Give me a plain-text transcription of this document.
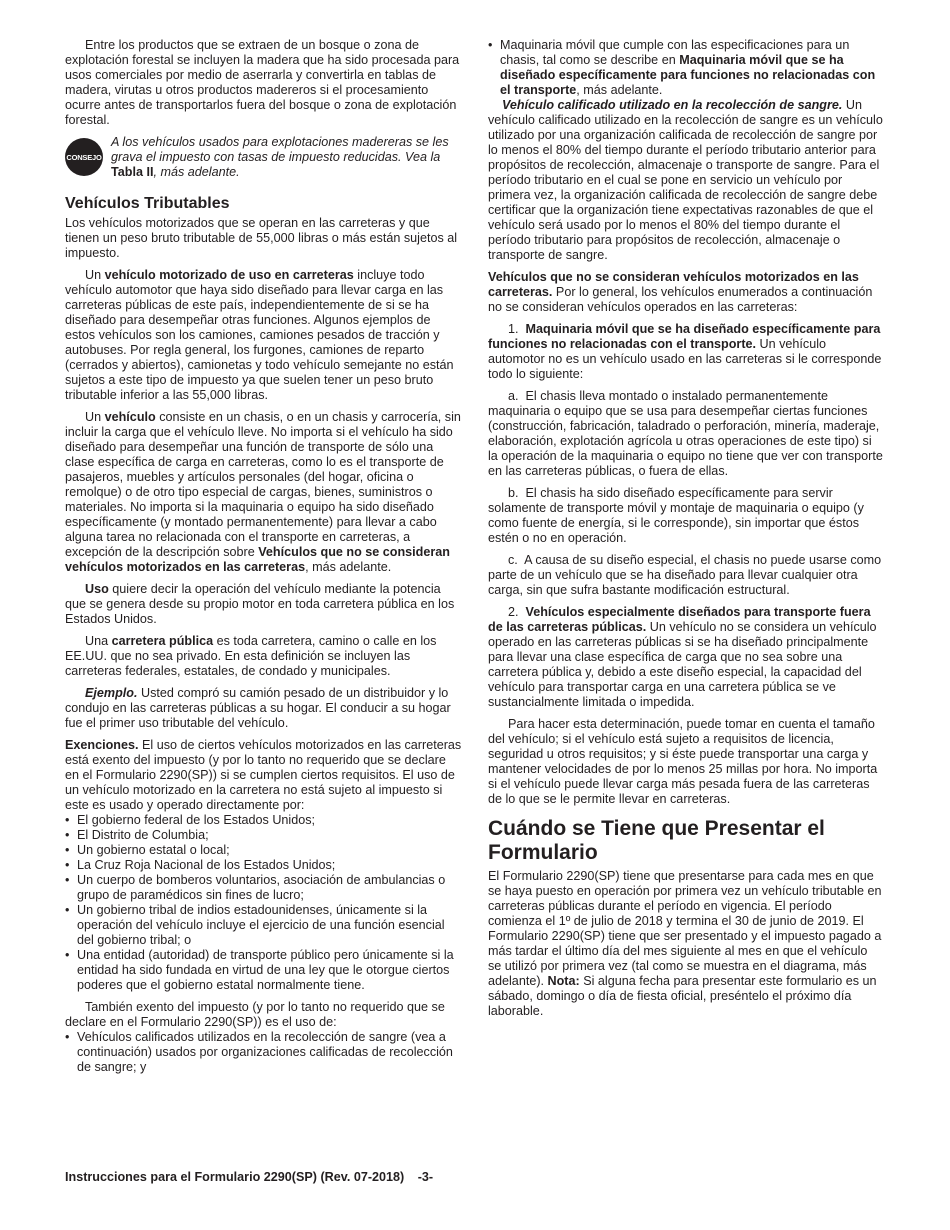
Entre los productos que se extraen de un bosque o zona de explotación forestal se incluyen la madera que ha sido procesada para usos comerciales por medio de aserrarla y convertirla en tablas de madera, virutas u otros productos madereros si el procesamiento ocurre antes de transportarlos fuera del bosque o zona de explotación forestal.

CONSEJO
A los vehículos usados para explotaciones madereras se les grava el impuesto con tasas de impuesto reducidas. Vea la Tabla II, más adelante.
Vehículos Tributables

Los vehículos motorizados que se operan en las carreteras y que tienen un peso bruto tributable de 55,000 libras o más están sujetos al impuesto.

Un vehículo motorizado de uso en carreteras incluye todo vehículo automotor que haya sido diseñado para llevar carga en las carreteras públicas de este país, independientemente de si se ha diseñado para desempeñar otras funciones. Algunos ejemplos de estos vehículos son los camiones, camiones pesados de tracción y autobuses. Por regla general, los furgones, camiones de reparto (cerrados y abiertos), camionetas y todo vehículo semejante no están sujetos a este tipo de impuesto ya que suelen tener un peso bruto tributable inferior a las 55,000 libras.

Un vehículo consiste en un chasis, o en un chasis y carrocería, sin incluir la carga que el vehículo lleve. No importa si el vehículo ha sido diseñado para desempeñar una función de transporte de sólo una clase específica de carga en carreteras, como lo es el transporte de pasajeros, muebles y artículos personales (del hogar, oficina o remolque) o de otro tipo especial de cargas, bienes, suministros o materiales. No importa si la maquinaria o equipo ha sido diseñado específicamente (y montado permanentemente) para llevar a cabo alguna tarea no relacionada con el transporte en carreteras, a excepción de la descripción sobre Vehículos que no se consideran vehículos motorizados en las carreteras, más adelante.

Uso quiere decir la operación del vehículo mediante la potencia que se genera desde su propio motor en toda carretera pública en los Estados Unidos.

Una carretera pública es toda carretera, camino o calle en los EE.UU. que no sea privado. En esta definición se incluyen las carreteras federales, estatales, de condado y municipales.

Ejemplo. Usted compró su camión pesado de un distribuidor y lo condujo en las carreteras públicas a su hogar. El conducir a su hogar fue el primer uso tributable del vehículo.

Exenciones. El uso de ciertos vehículos motorizados en las carreteras está exento del impuesto (y por lo tanto no requerido que se declare en el Formulario 2290(SP)) si se cumplen ciertos requisitos. El uso de un vehículo motorizado en la carretera no está sujeto al impuesto si este es usado y operado directamente por:

• El gobierno federal de los Estados Unidos;
• El Distrito de Columbia;
• Un gobierno estatal o local;
• La Cruz Roja Nacional de los Estados Unidos;
• Un cuerpo de bomberos voluntarios, asociación de ambulancias o grupo de paramédicos sin fines de lucro;
• Un gobierno tribal de indios estadounidenses, únicamente si la operación del vehículo incluye el ejercicio de una función esencial del gobierno tribal; o
• Una entidad (autoridad) de transporte público pero únicamente si la entidad ha sido fundada en virtud de una ley que le otorgue ciertos poderes que el gobierno estatal normalmente tiene.

También exento del impuesto (y por lo tanto no requerido que se declare en el Formulario 2290(SP)) es el uso de:

• Vehículos calificados utilizados en la recolección de sangre (vea a continuación) usados por organizaciones calificadas de recolección de sangre; y
• Maquinaria móvil que cumple con las especificaciones para un chasis, tal como se describe en Maquinaria móvil que se ha diseñado específicamente para funciones no relacionadas con el transporte, más adelante.

Vehículo calificado utilizado en la recolección de sangre. Un vehículo calificado utilizado en la recolección de sangre es un vehículo utilizado por una organización calificada de recolección de sangre por lo menos el 80% del tiempo durante el período tributario anterior para propósitos de recolección, almacenaje o transporte de sangre. Para el período tributario en el cual se pone en servicio un vehículo por primera vez, la organización calificada de recolección de sangre debe certificar que la organización tiene expectativas razonables de que el vehículo será usado por lo menos el 80% del tiempo durante el período tributario para propósitos de recolección, almacenaje o transporte de sangre.

Vehículos que no se consideran vehículos motorizados en las carreteras. Por lo general, los vehículos enumerados a continuación no se consideran vehículos operados en las carreteras:

1. Maquinaria móvil que se ha diseñado específicamente para funciones no relacionadas con el transporte. Un vehículo automotor no es un vehículo usado en las carreteras si le corresponde todo lo siguiente:

a. El chasis lleva montado o instalado permanentemente maquinaria o equipo que se usa para desempeñar ciertas funciones (construcción, fabricación, taladrado o perforación, minería, maderaje, elaboración, explotación agrícola u otras operaciones de este tipo) si la operación de la maquinaria o equipo no tiene que ver con transporte en las carreteras públicas, o fuera de ellas.

b. El chasis ha sido diseñado específicamente para servir solamente de transporte móvil y montaje de maquinaria o equipo (y como fuente de energía, si le corresponde), sin importar que éstos estén o no en operación.

c. A causa de su diseño especial, el chasis no puede usarse como parte de un vehículo que se ha diseñado para llevar cualquier otra carga, sin que sufra bastante modificación estructural.

2. Vehículos especialmente diseñados para transporte fuera de las carreteras públicas. Un vehículo no se considera un vehículo operado en las carreteras públicas si se ha diseñado principalmente para llevar una clase específica de carga que no sea sobre una carretera pública y, debido a este diseño especial, la capacidad del vehículo para transportar carga en una carretera pública se ve sustancialmente limitada o impedida.

Para hacer esta determinación, puede tomar en cuenta el tamaño del vehículo; si el vehículo está sujeto a requisitos de licencia, seguridad u otros requisitos; y si éste puede transportar una carga y mantener velocidades de por lo menos 25 millas por hora. No importa si el vehículo puede llevar carga más pesada fuera de las carreteras de lo que se le permite llevar en carreteras.

Cuándo se Tiene que Presentar el Formulario

El Formulario 2290(SP) tiene que presentarse para cada mes en que se haya puesto en operación por primera vez un vehículo tributable en carreteras públicas durante el período en vigencia. El período comienza el 1º de julio de 2018 y termina el 30 de junio de 2019. El Formulario 2290(SP) tiene que ser presentado y el impuesto pagado a más tardar el último día del mes siguiente al mes en que el vehículo se utilizó por primera vez (tal como se muestra en el diagrama, más adelante). Nota: Si alguna fecha para presentar este formulario es un sábado, domingo o día de fiesta oficial, preséntelo el próximo día laborable.

Instrucciones para el Formulario 2290(SP) (Rev. 07-2018) -3-
